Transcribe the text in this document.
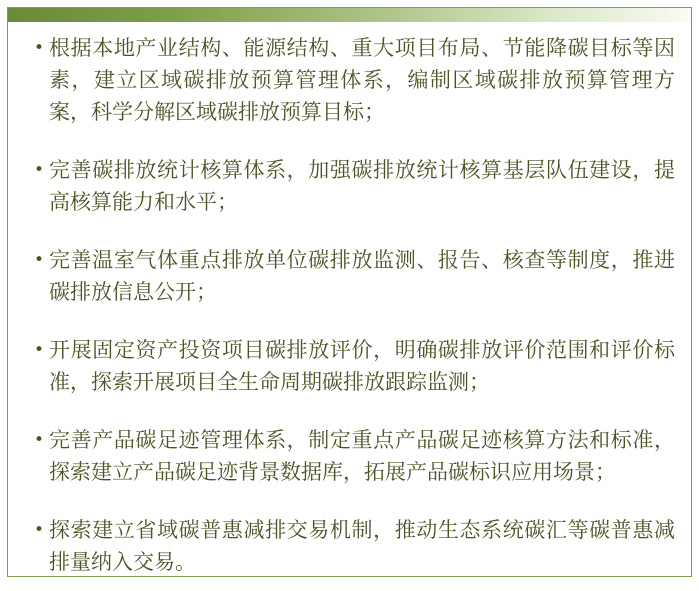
• 根据本地产业结构、能源结构、重大项目布局、节能降碳目标等因素，建立区域碳排放预算管理体系，编制区域碳排放预算管理方案，科学分解区域碳排放预算目标；
• 完善碳排放统计核算体系，加强碳排放统计核算基层队伍建设，提高核算能力和水平；
• 完善温室气体重点排放单位碳排放监测、报告、核查等制度，推进碳排放信息公开；
• 开展固定资产投资项目碳排放评价，明确碳排放评价范围和评价标准，探索开展项目全生命周期碳排放跟踪监测；
• 完善产品碳足迹管理体系，制定重点产品碳足迹核算方法和标准，探索建立产品碳足迹背景数据库，拓展产品碳标识应用场景；
• 探索建立省域碳普惠减排交易机制，推动生态系统碳汇等碳普惠减排量纳入交易。
